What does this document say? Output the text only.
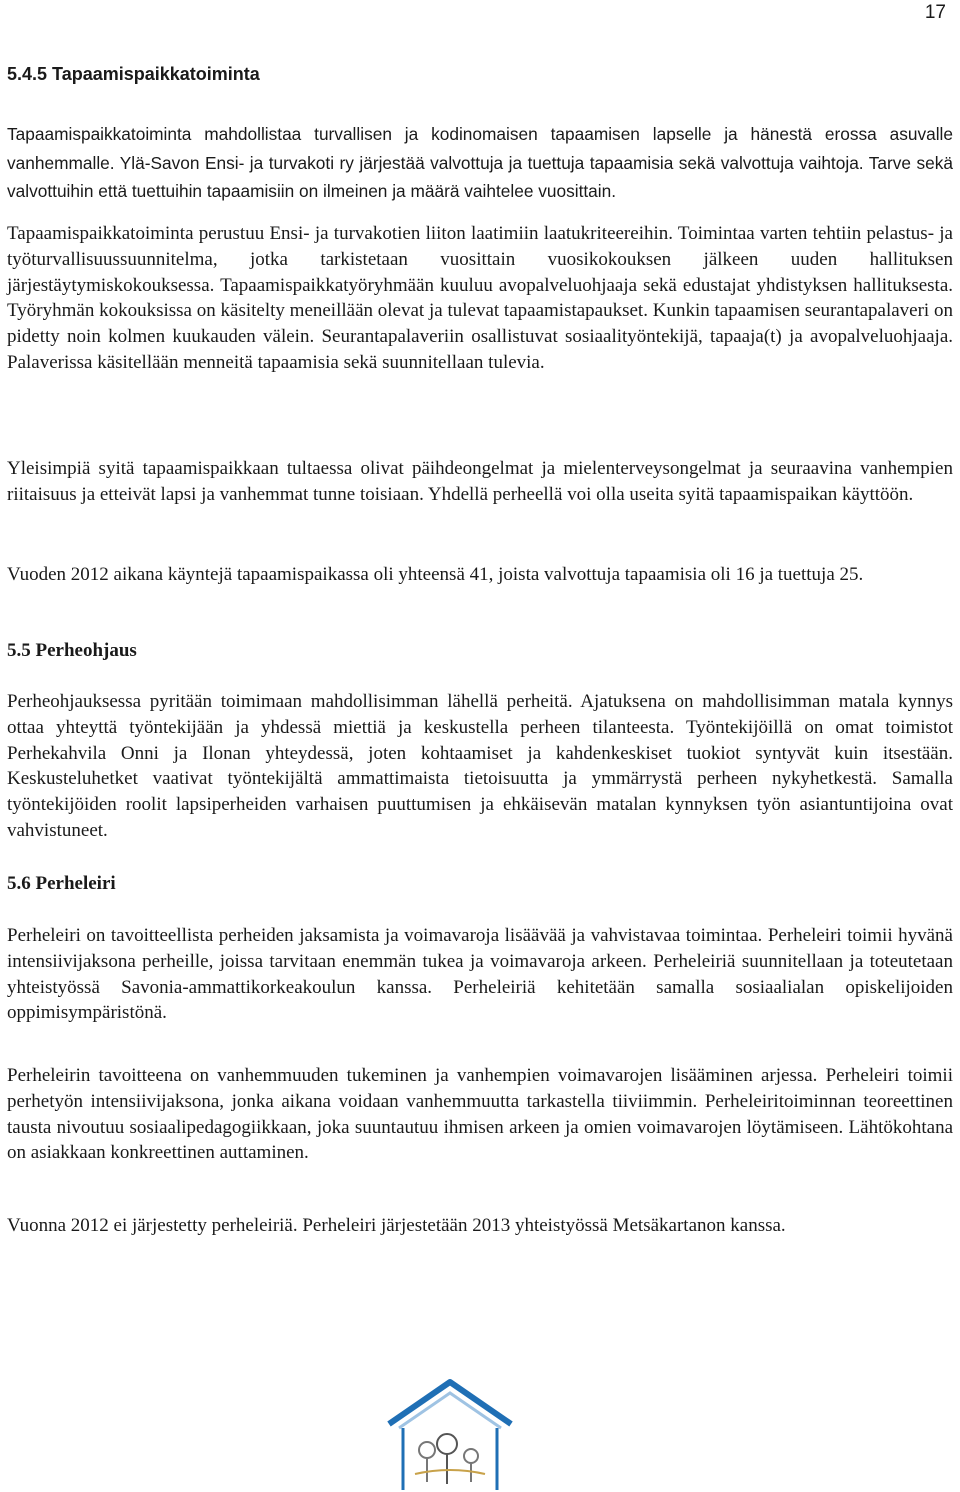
17
5.4.5 Tapaamispaikkatoiminta

Tapaamispaikkatoiminta mahdollistaa turvallisen ja kodinomaisen tapaamisen lapselle ja hänestä erossa asuvalle vanhemmalle. Ylä-Savon Ensi- ja turvakoti ry järjestää valvottuja ja tuettuja tapaamisia sekä valvottuja vaihtoja. Tarve sekä valvottuihin että tuettuihin tapaamisiin on ilmeinen ja määrä vaihtelee vuosittain.

Tapaamispaikkatoiminta perustuu Ensi- ja turvakotien liiton laatimiin laatukriteereihin. Toimintaa varten tehtiin pelastus- ja työturvallisuussuunnitelma, jotka tarkistetaan vuosittain vuosikokouksen jälkeen uuden hallituksen järjestäytymiskokouksessa. Tapaamispaikkatyöryhmään kuuluu avopalveluohjaaja sekä edustajat yhdistyksen hallituksesta. Työryhmän kokouksissa on käsitelty meneillään olevat ja tulevat tapaamistapaukset. Kunkin tapaamisen seurantapalaveri on pidetty noin kolmen kuukauden välein. Seurantapalaveriin osallistuvat sosiaalityöntekijä, tapaaja(t) ja avopalveluohjaaja. Palaverissa käsitellään menneitä tapaamisia sekä suunnitellaan tulevia.

Yleisimpiä syitä tapaamispaikkaan tultaessa olivat päihdeongelmat ja mielenterveysongelmat ja seuraavina vanhempien riitaisuus ja etteivät lapsi ja vanhemmat tunne toisiaan. Yhdellä perheellä voi olla useita syitä tapaamispaikan käyttöön.

Vuoden 2012 aikana käyntejä tapaamispaikassa oli yhteensä 41, joista valvottuja tapaamisia oli 16 ja tuettuja 25.

5.5 Perheohjaus

Perheohjauksessa pyritään toimimaan mahdollisimman lähellä perheitä. Ajatuksena on mahdollisimman matala kynnys ottaa yhteyttä työntekijään ja yhdessä miettiä ja keskustella perheen tilanteesta. Työntekijöillä on omat toimistot Perhekahvila Onni ja Ilonan yhteydessä, joten kohtaamiset ja kahdenkeskiset tuokiot syntyvät kuin itsestään. Keskusteluhetket vaativat työntekijältä ammattimaista tietoisuutta ja ymmärrystä perheen nykyhetkestä. Samalla työntekijöiden roolit lapsiperheiden varhaisen puuttumisen ja ehkäisevän matalan kynnyksen työn asiantuntijoina ovat vahvistuneet.

5.6 Perheleiri

Perheleiri on tavoitteellista perheiden jaksamista ja voimavaroja lisäävää ja vahvistavaa toimintaa. Perheleiri toimii hyvänä intensiivijaksona perheille, joissa tarvitaan enemmän tukea ja voimavaroja arkeen. Perheleiriä suunnitellaan ja toteutetaan yhteistyössä Savonia-ammattikorkeakoulun kanssa. Perheleiriä kehitetään samalla sosiaalialan opiskelijoiden oppimisympäristönä.

Perheleirin tavoitteena on vanhemmuuden tukeminen ja vanhempien voimavarojen lisääminen arjessa. Perheleiri toimii perhetyön intensiivijaksona, jonka aikana voidaan vanhemmuutta tarkastella tiiviimmin. Perheleiritoiminnan teoreettinen tausta nivoutuu sosiaalipedagogiikkaan, joka suuntautuu ihmisen arkeen ja omien voimavarojen löytämiseen. Lähtökohtana on asiakkaan konkreettinen auttaminen.

Vuonna 2012 ei järjestetty perheleiriä. Perheleiri järjestetään 2013 yhteistyössä Metsäkartanon kanssa.
